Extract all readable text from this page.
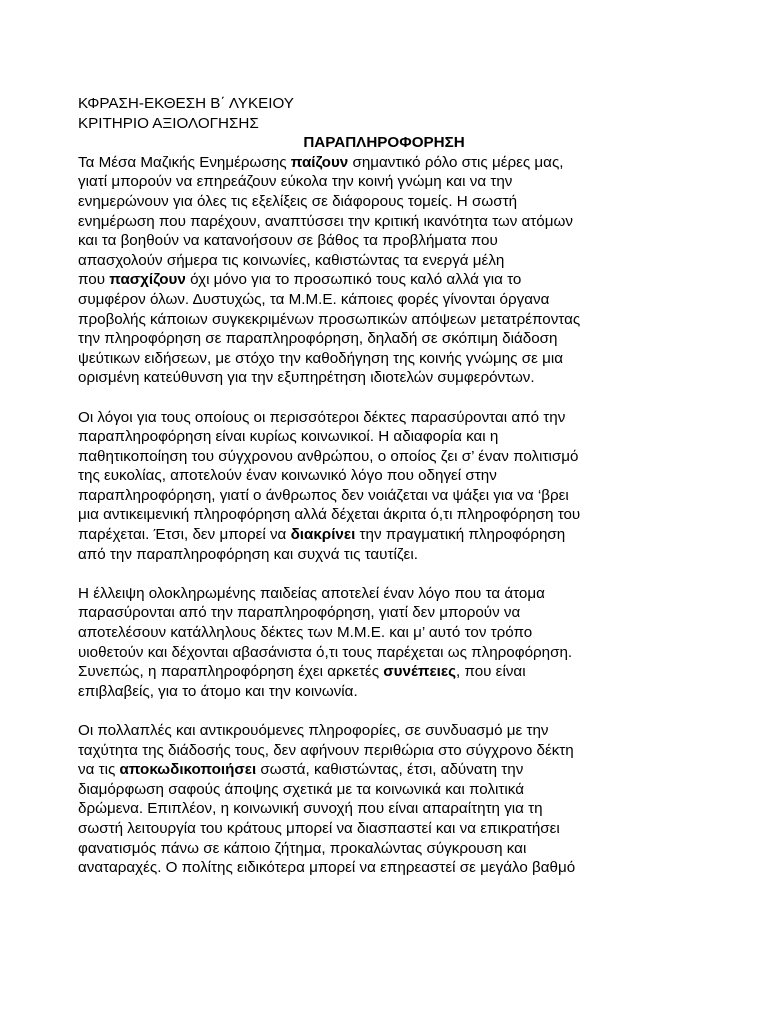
ΚΦΡΑΣΗ-ΕΚΘΕΣΗ Β΄ ΛΥΚΕΙΟΥ
ΚΡΙΤΗΡΙΟ ΑΞΙΟΛΟΓΗΣΗΣ
ΠΑΡΑΠΛΗΡΟΦΟΡΗΣΗ
Τα Μέσα Μαζικής Ενημέρωσης παίζουν σημαντικό ρόλο στις μέρες μας,
γιατί μπορούν να επηρεάζουν εύκολα την κοινή γνώμη και να την
ενημερώνουν για όλες τις εξελίξεις σε διάφορους τομείς. Η σωστή
ενημέρωση που παρέχουν, αναπτύσσει την κριτική ικανότητα των ατόμων
και τα βοηθούν να κατανοήσουν σε βάθος τα προβλήματα που
απασχολούν σήμερα τις κοινωνίες, καθιστώντας τα ενεργά μέλη
που πασχίζουν όχι μόνο για το προσωπικό τους καλό αλλά για το
συμφέρον όλων. Δυστυχώς, τα Μ.Μ.Ε. κάποιες φορές γίνονται όργανα
προβολής κάποιων συγκεκριμένων προσωπικών απόψεων μετατρέποντας
την πληροφόρηση σε παραπληροφόρηση, δηλαδή σε σκόπιμη διάδοση
ψεύτικων ειδήσεων, με στόχο την καθοδήγηση της κοινής γνώμης σε μια
ορισμένη κατεύθυνση για την εξυπηρέτηση ιδιοτελών συμφερόντων.
Οι λόγοι για τους οποίους οι περισσότεροι δέκτες παρασύρονται από την
παραπληροφόρηση είναι κυρίως κοινωνικοί. Η αδιαφορία και η
παθητικοποίηση του σύγχρονου ανθρώπου, ο οποίος ζει σ’ έναν πολιτισμό
της ευκολίας, αποτελούν έναν κοινωνικό λόγο που οδηγεί στην
παραπληροφόρηση, γιατί ο άνθρωπος δεν νοιάζεται να ψάξει για να ‘βρει
μια αντικειμενική πληροφόρηση αλλά δέχεται άκριτα ό,τι πληροφόρηση του
παρέχεται. Έτσι, δεν μπορεί να διακρίνει την πραγματική πληροφόρηση
από την παραπληροφόρηση και συχνά τις ταυτίζει.
Η έλλειψη ολοκληρωμένης παιδείας αποτελεί έναν λόγο που τα άτομα
παρασύρονται από την παραπληροφόρηση, γιατί δεν μπορούν να
αποτελέσουν κατάλληλους δέκτες των Μ.Μ.Ε. και μ’ αυτό τον τρόπο
υιοθετούν και δέχονται αβασάνιστα ό,τι τους παρέχεται ως πληροφόρηση.
Συνεπώς, η παραπληροφόρηση έχει αρκετές συνέπειες, που είναι
επιβλαβείς, για το άτομο και την κοινωνία.
Οι πολλαπλές και αντικρουόμενες πληροφορίες, σε συνδυασμό με την
ταχύτητα της διάδοσής τους, δεν αφήνουν περιθώρια στο σύγχρονο δέκτη
να τις αποκωδικοποιήσει σωστά, καθιστώντας, έτσι, αδύνατη την
διαμόρφωση σαφούς άποψης σχετικά με τα κοινωνικά και πολιτικά
δρώμενα. Επιπλέον, η κοινωνική συνοχή που είναι απαραίτητη για τη
σωστή λειτουργία του κράτους μπορεί να διασπαστεί και να επικρατήσει
φανατισμός πάνω σε κάποιο ζήτημα, προκαλώντας σύγκρουση και
αναταραχές. Ο πολίτης ειδικότερα μπορεί να επηρεαστεί σε μεγάλο βαθμό
